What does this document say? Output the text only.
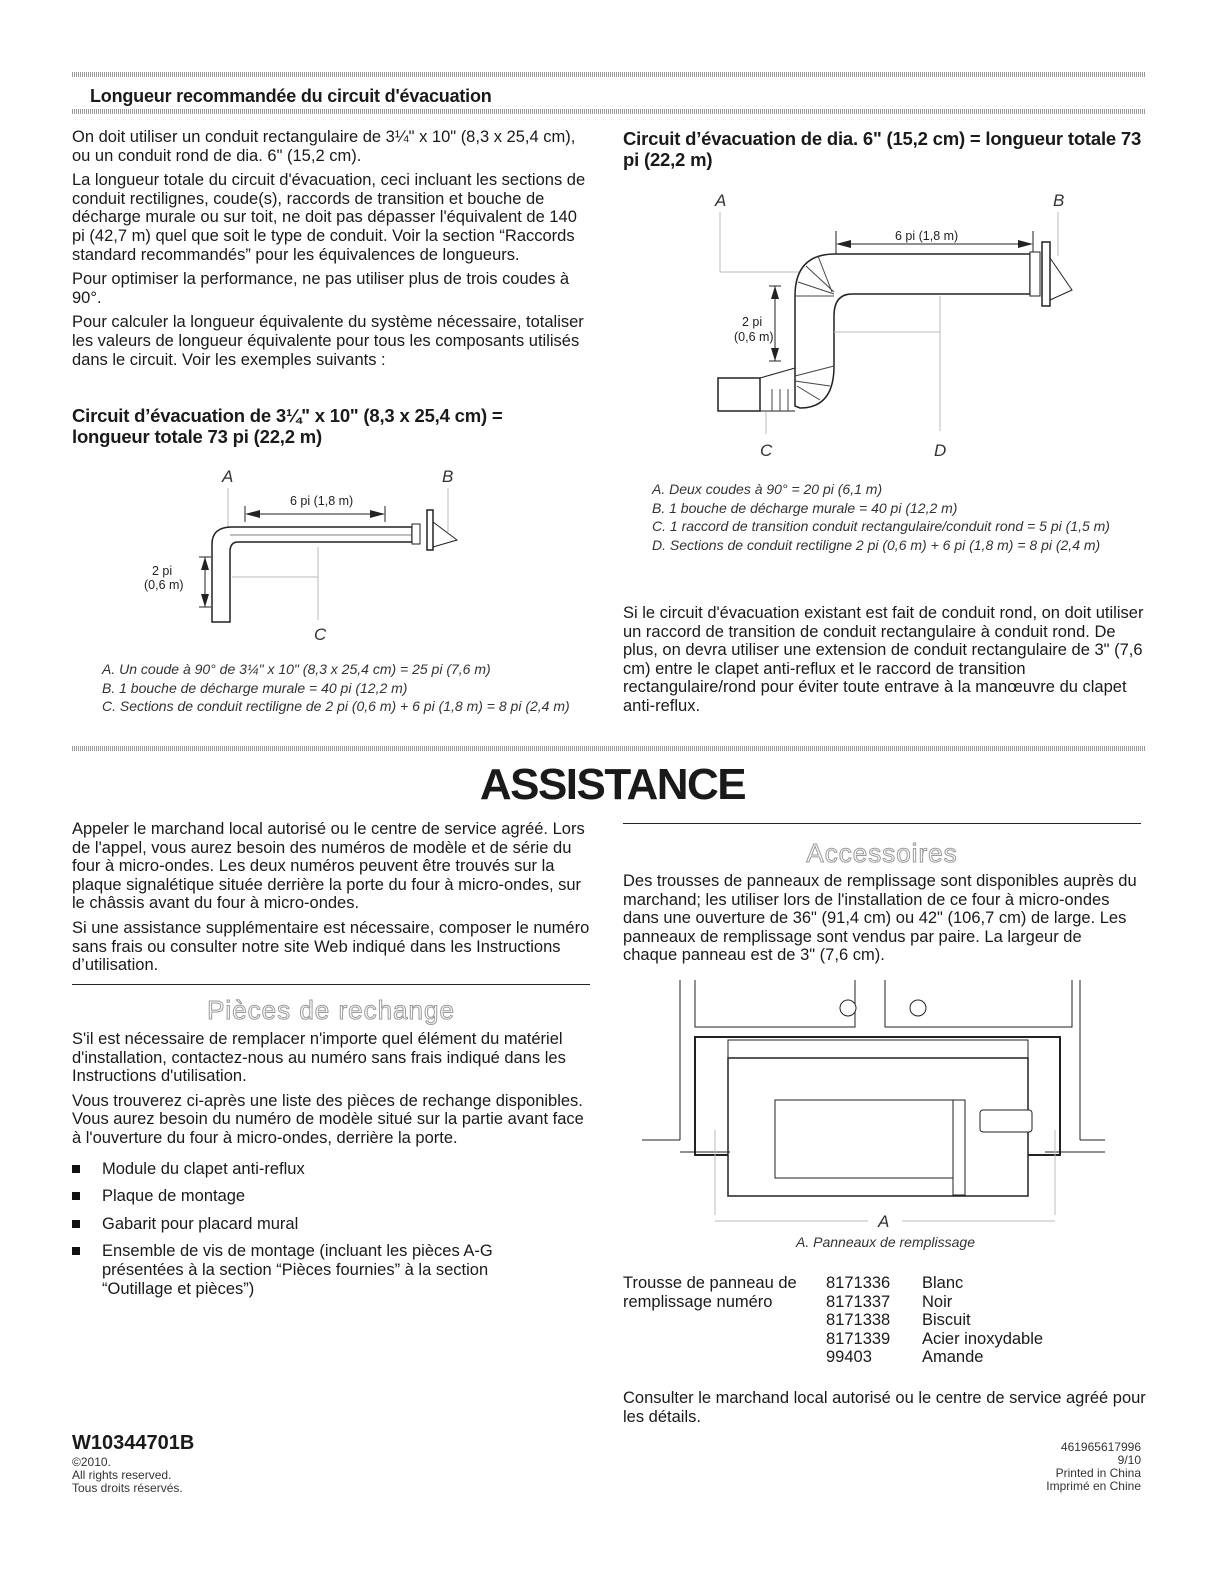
Longueur recommandée du circuit d'évacuation

On doit utiliser un conduit rectangulaire de 3¼" x 10" (8,3 x 25,4 cm), ou un conduit rond de dia. 6" (15,2 cm).

La longueur totale du circuit d'évacuation, ceci incluant les sections de conduit rectilignes, coude(s), raccords de transition et bouche de décharge murale ou sur toit, ne doit pas dépasser l'équivalent de 140 pi (42,7 m) quel que soit le type de conduit. Voir la section “Raccords standard recommandés” pour les équivalences de longueurs.

Pour optimiser la performance, ne pas utiliser plus de trois coudes à 90°.

Pour calculer la longueur équivalente du système nécessaire, totaliser les valeurs de longueur équivalente pour tous les composants utilisés dans le circuit. Voir les exemples suivants :

Circuit d’évacuation de 3¼" x 10" (8,3 x 25,4 cm) = longueur totale 73 pi (22,2 m)
A	B
6 pi (1,8 m)
2 pi
(0,6 m)
C
A. Un coude à 90° de 3¼" x 10" (8,3 x 25,4 cm) = 25 pi (7,6 m)
B. 1 bouche de décharge murale = 40 pi (12,2 m)
C. Sections de conduit rectiligne de 2 pi (0,6 m) + 6 pi (1,8 m) = 8 pi (2,4 m)
Circuit d’évacuation de dia. 6" (15,2 cm) = longueur totale 73 pi (22,2 m)
A	B
6 pi (1,8 m)
2 pi
(0,6 m)
C	D
A. Deux coudes à 90° = 20 pi (6,1 m)
B. 1 bouche de décharge murale = 40 pi (12,2 m)
C. 1 raccord de transition conduit rectangulaire/conduit rond = 5 pi (1,5 m)
D. Sections de conduit rectiligne 2 pi (0,6 m) + 6 pi (1,8 m) = 8 pi (2,4 m)
Si le circuit d'évacuation existant est fait de conduit rond, on doit utiliser un raccord de transition de conduit rectangulaire à conduit rond. De plus, on devra utiliser une extension de conduit rectangulaire de 3" (7,6 cm) entre le clapet anti-reflux et le raccord de transition rectangulaire/rond pour éviter toute entrave à la manœuvre du clapet anti-reflux.
ASSISTANCE

Appeler le marchand local autorisé ou le centre de service agréé. Lors de l'appel, vous aurez besoin des numéros de modèle et de série du four à micro-ondes. Les deux numéros peuvent être trouvés sur la plaque signalétique située derrière la porte du four à micro-ondes, sur le châssis avant du four à micro-ondes.

Si une assistance supplémentaire est nécessaire, composer le numéro sans frais ou consulter notre site Web indiqué dans les Instructions d’utilisation.

Pièces de rechange

S'il est nécessaire de remplacer n'importe quel élément du matériel d'installation, contactez-nous au numéro sans frais indiqué dans les Instructions d'utilisation.

Vous trouverez ci-après une liste des pièces de rechange disponibles. Vous aurez besoin du numéro de modèle situé sur la partie avant face à l'ouverture du four à micro-ondes, derrière la porte.

Module du clapet anti-reflux
Plaque de montage
Gabarit pour placard mural
Ensemble de vis de montage (incluant les pièces A-G présentées à la section “Pièces fournies” à la section “Outillage et pièces”)
Accessoires
Des trousses de panneaux de remplissage sont disponibles auprès du marchand; les utiliser lors de l'installation de ce four à micro-ondes dans une ouverture de 36" (91,4 cm) ou 42" (106,7 cm) de large. Les panneaux de remplissage sont vendus par paire. La largeur de chaque panneau est de 3" (7,6 cm).
A
A. Panneaux de remplissage
Trousse de panneau de	8171336	Blanc
remplissage numéro	8171337	Noir
	8171338	Biscuit
	8171339	Acier inoxydable
	99403	Amande
Consulter le marchand local autorisé ou le centre de service agréé pour les détails.
W10344701B
©2010.
All rights reserved.
Tous droits réservés.
461965617996
9/10
Printed in China
Imprimé en Chine
